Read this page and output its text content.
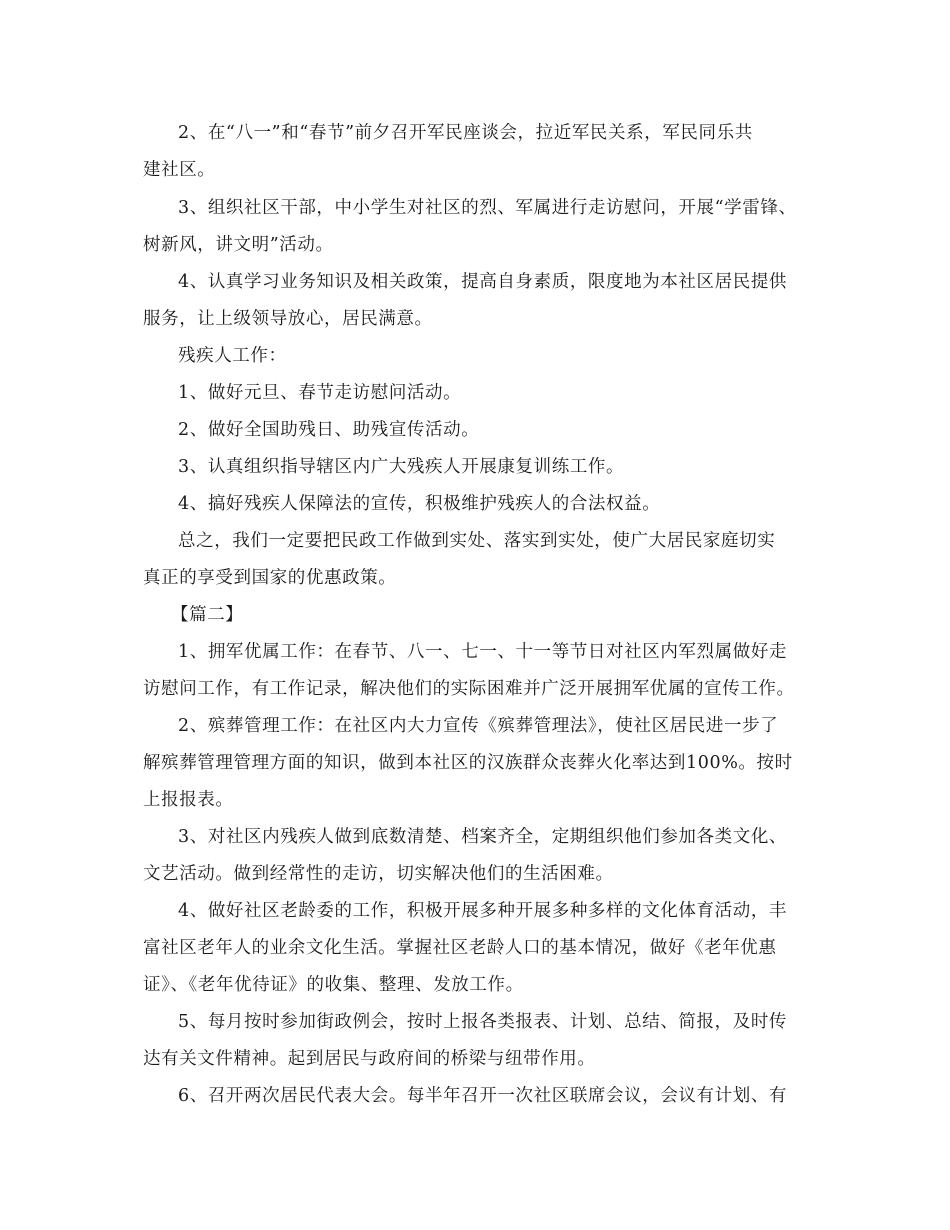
2、在“八一”和“春节”前夕召开军民座谈会，拉近军民关系，军民同乐共
建社区。
3、组织社区干部，中小学生对社区的烈、军属进行走访慰问，开展“学雷锋、
树新风，讲文明”活动。
4、认真学习业务知识及相关政策，提高自身素质，限度地为本社区居民提供
服务，让上级领导放心，居民满意。
残疾人工作：
1、做好元旦、春节走访慰问活动。
2、做好全国助残日、助残宣传活动。
3、认真组织指导辖区内广大残疾人开展康复训练工作。
4、搞好残疾人保障法的宣传，积极维护残疾人的合法权益。
总之，我们一定要把民政工作做到实处、落实到实处，使广大居民家庭切实
真正的享受到国家的优惠政策。
【篇二】
1、拥军优属工作：在春节、八一、七一、十一等节日对社区内军烈属做好走
访慰问工作，有工作记录，解决他们的实际困难并广泛开展拥军优属的宣传工作。
2、殡葬管理工作：在社区内大力宣传《殡葬管理法》，使社区居民进一步了
解殡葬管理管理方面的知识，做到本社区的汉族群众丧葬火化率达到100%。按时
上报报表。
3、对社区内残疾人做到底数清楚、档案齐全，定期组织他们参加各类文化、
文艺活动。做到经常性的走访，切实解决他们的生活困难。
4、做好社区老龄委的工作，积极开展多种开展多种多样的文化体育活动，丰
富社区老年人的业余文化生活。掌握社区老龄人口的基本情况，做好《老年优惠
证》、《老年优待证》的收集、整理、发放工作。
5、每月按时参加街政例会，按时上报各类报表、计划、总结、简报，及时传
达有关文件精神。起到居民与政府间的桥梁与纽带作用。
6、召开两次居民代表大会。每半年召开一次社区联席会议，会议有计划、有
